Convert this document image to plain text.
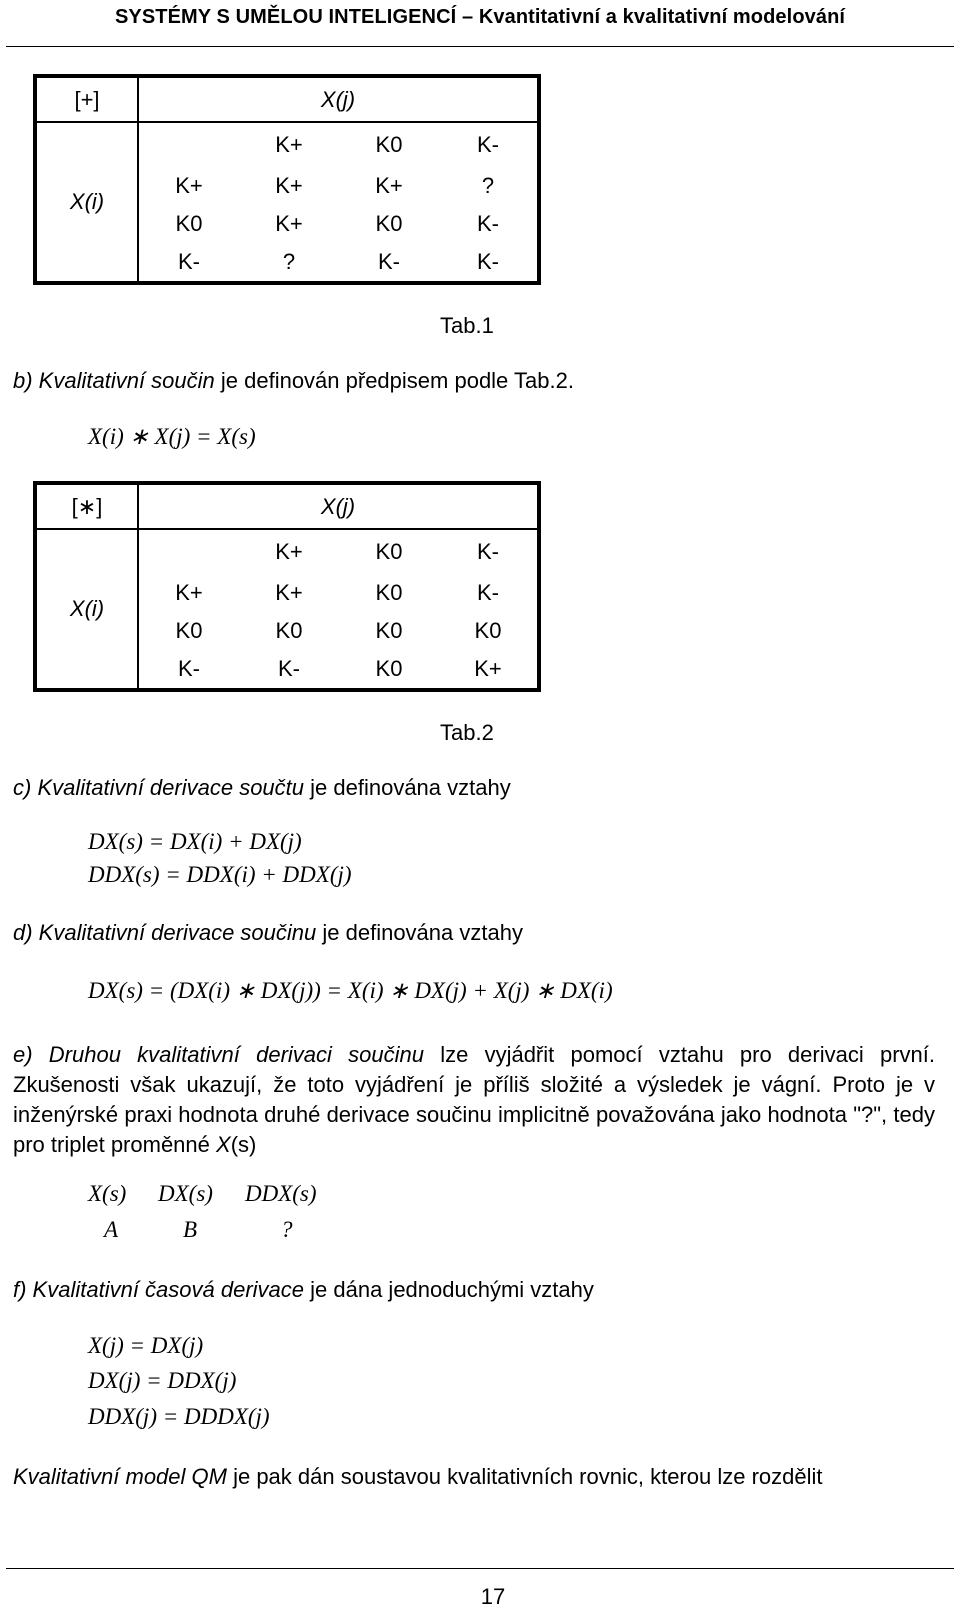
SYSTÉMY S UMĚLOU INTELIGENCÍ – Kvantitativní a kvalitativní modelování
[+]	X(j)			
X(i)		K+	K0	K-
	K+	K+	K+	?
	K0	K+	K0	K-
	K-	?	K-	K-
Tab.1
b) Kvalitativní součin je definován předpisem podle Tab.2.
X(i) ∗ X(j) = X(s)
[∗]	X(j)			
X(i)		K+	K0	K-
	K+	K+	K0	K-
	K0	K0	K0	K0
	K-	K-	K0	K+
Tab.2
c) Kvalitativní derivace součtu je definována vztahy
DX(s) = DX(i) + DX(j)
DDX(s) = DDX(i) + DDX(j)
d) Kvalitativní derivace součinu je definována vztahy
DX(s) = (DX(i) ∗ DX(j)) = X(i) ∗ DX(j) + X(j) ∗ DX(i)
e) Druhou kvalitativní derivaci součinu lze vyjádřit pomocí vztahu pro derivaci první. Zkušenosti však ukazují, že toto vyjádření je příliš složité a výsledek je vágní. Proto je v inženýrské praxi hodnota druhé derivace součinu implicitně považována jako hodnota "?", tedy pro triplet proměnné X(s)
X(s) DX(s) DDX(s)
A	B	?
f) Kvalitativní časová derivace je dána jednoduchými vztahy
X(j) = DX(j)
DX(j) = DDX(j)
DDX(j) = DDDX(j)
Kvalitativní model QM je pak dán soustavou kvalitativních rovnic, kterou lze rozdělit
17
